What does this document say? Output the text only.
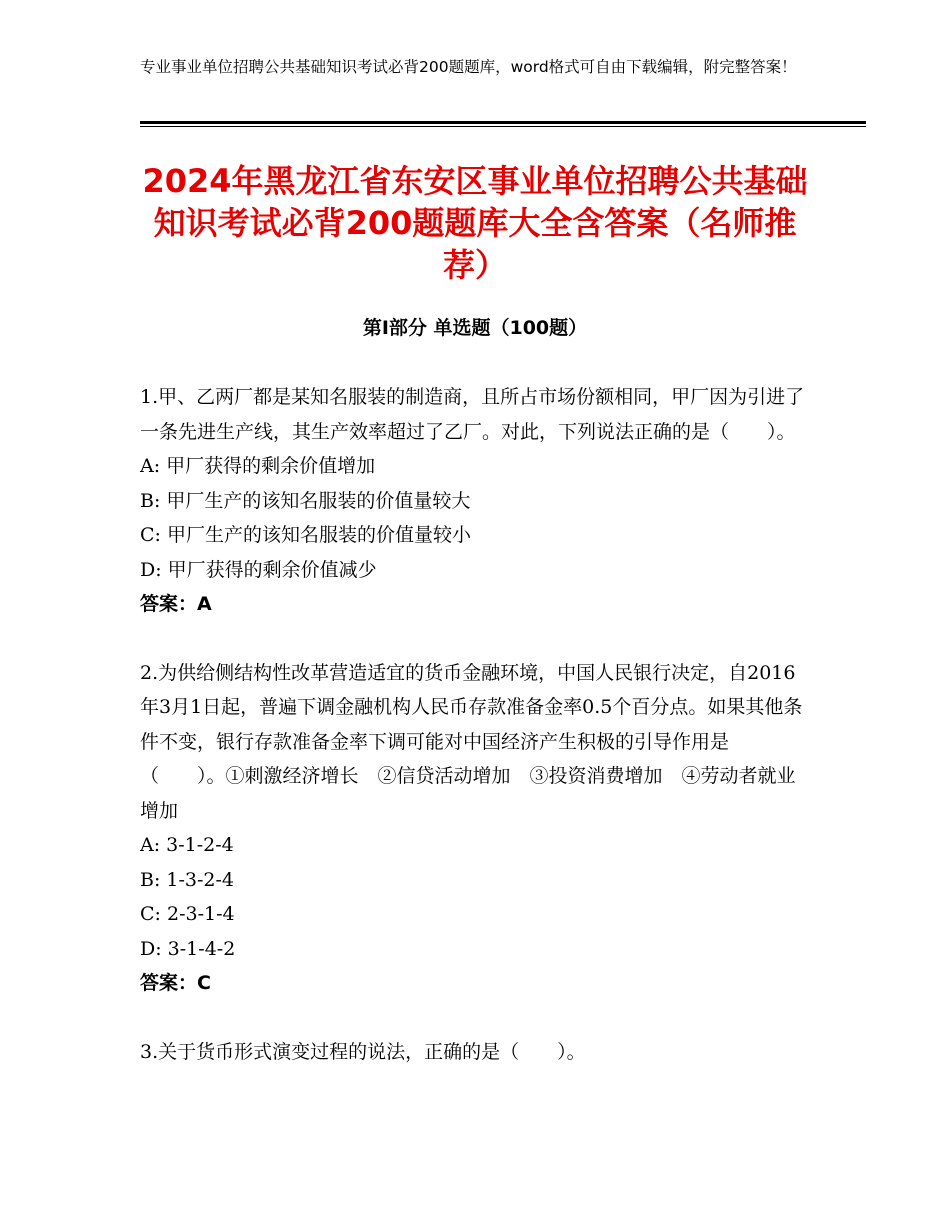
专业事业单位招聘公共基础知识考试必背200题题库，word格式可自由下载编辑，附完整答案！
2024年黑龙江省东安区事业单位招聘公共基础知识考试必背200题题库大全含答案（名师推荐）
第Ⅰ部分 单选题（100题）
1.甲、乙两厂都是某知名服装的制造商，且所占市场份额相同，甲厂因为引进了一条先进生产线，其生产效率超过了乙厂。对此，下列说法正确的是（　　）。
A: 甲厂获得的剩余价值增加
B: 甲厂生产的该知名服装的价值量较大
C: 甲厂生产的该知名服装的价值量较小
D: 甲厂获得的剩余价值减少
答案：A
2.为供给侧结构性改革营造适宜的货币金融环境，中国人民银行决定，自2016年3月1日起，普遍下调金融机构人民币存款准备金率0.5个百分点。如果其他条件不变，银行存款准备金率下调可能对中国经济产生积极的引导作用是（　　）。①刺激经济增长　②信贷活动增加　③投资消费增加　④劳动者就业增加
A: 3-1-2-4
B: 1-3-2-4
C: 2-3-1-4
D: 3-1-4-2
答案：C
3.关于货币形式演变过程的说法，正确的是（　　）。
